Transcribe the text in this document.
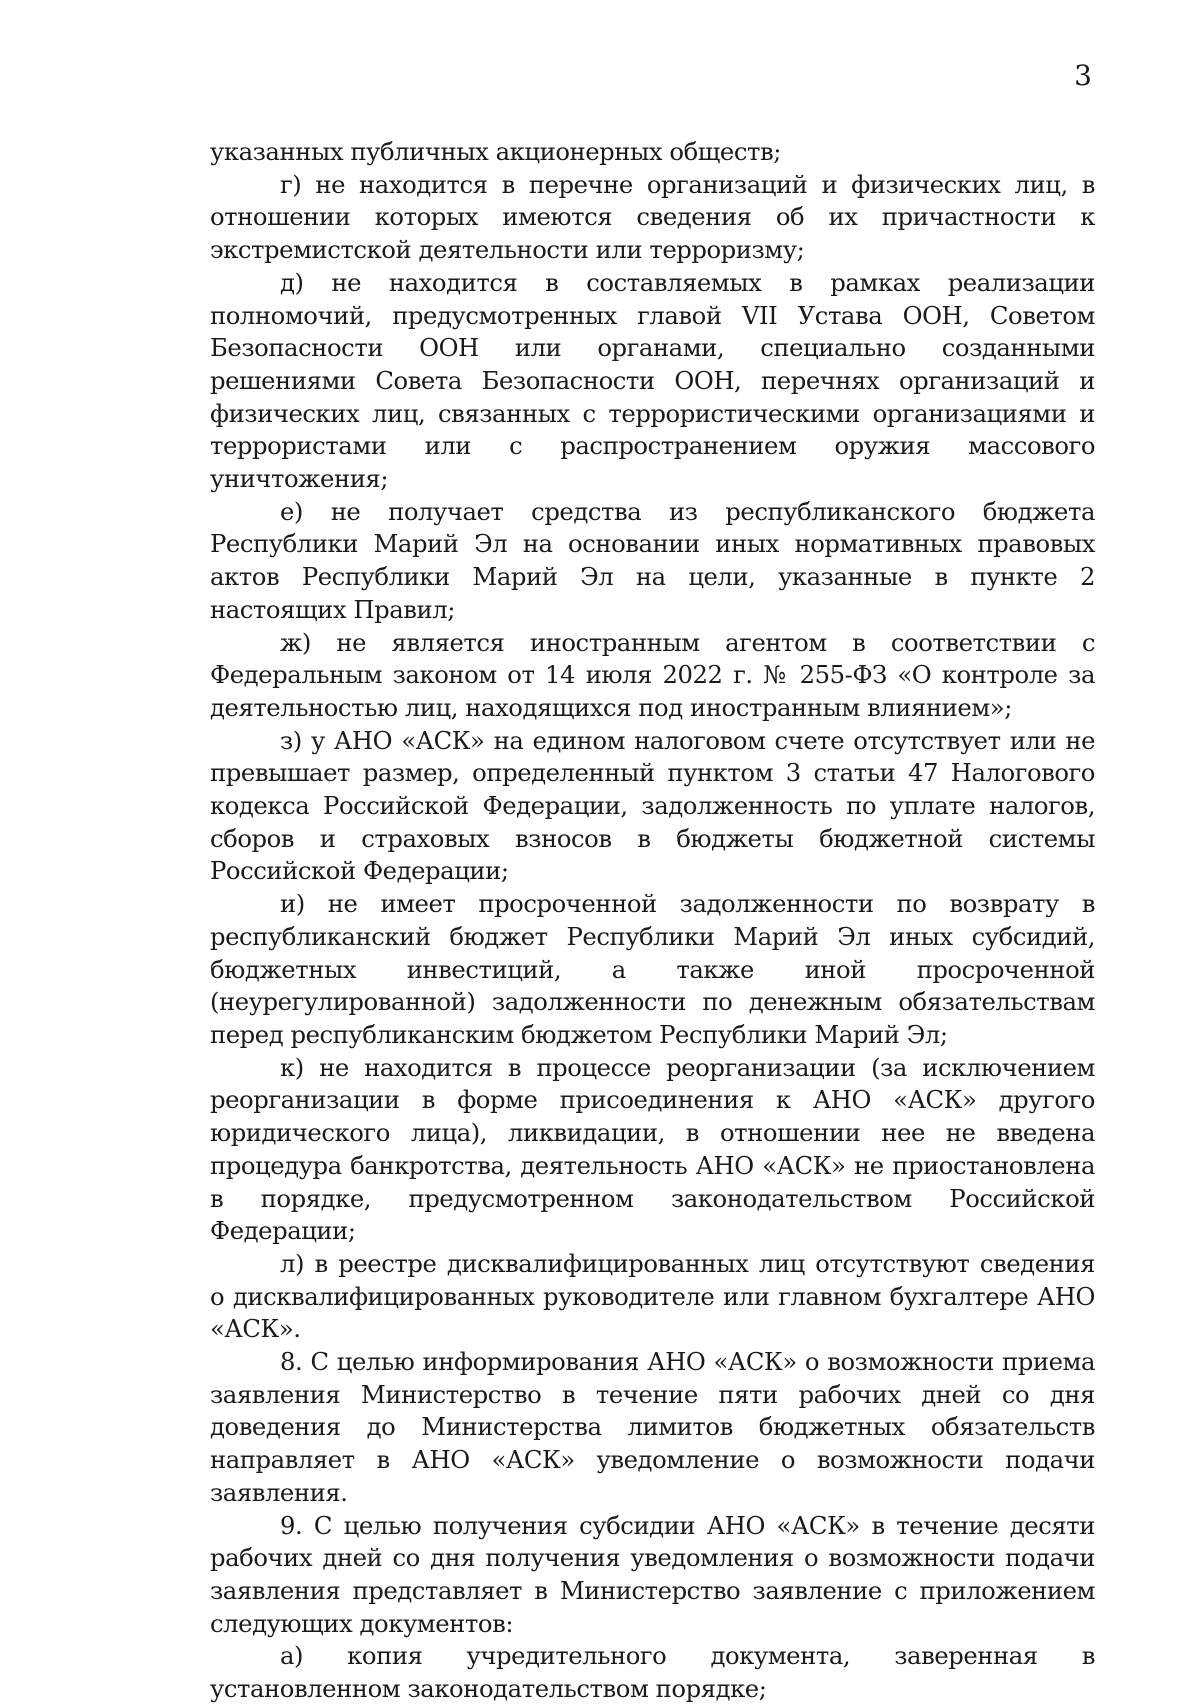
3

указанных публичных акционерных обществ;

г) не находится в перечне организаций и физических лиц, в отношении которых имеются сведения об их причастности к экстремистской деятельности или терроризму;

д) не находится в составляемых в рамках реализации полномочий, предусмотренных главой VII Устава ООН, Советом Безопасности ООН или органами, специально созданными решениями Совета Безопасности ООН, перечнях организаций и физических лиц, связанных с террористическими организациями и террористами или с распространением оружия массового уничтожения;

е) не получает средства из республиканского бюджета Республики Марий Эл на основании иных нормативных правовых актов Республики Марий Эл на цели, указанные в пункте 2 настоящих Правил;

ж) не является иностранным агентом в соответствии с Федеральным законом от 14 июля 2022 г. № 255-ФЗ «О контроле за деятельностью лиц, находящихся под иностранным влиянием»;

з) у АНО «АСК» на едином налоговом счете отсутствует или не превышает размер, определенный пунктом 3 статьи 47 Налогового кодекса Российской Федерации, задолженность по уплате налогов, сборов и страховых взносов в бюджеты бюджетной системы Российской Федерации;

и) не имеет просроченной задолженности по возврату в республиканский бюджет Республики Марий Эл иных субсидий, бюджетных инвестиций, а также иной просроченной (неурегулированной) задолженности по денежным обязательствам перед республиканским бюджетом Республики Марий Эл;

к) не находится в процессе реорганизации (за исключением реорганизации в форме присоединения к АНО «АСК» другого юридического лица), ликвидации, в отношении нее не введена процедура банкротства, деятельность АНО «АСК» не приостановлена в порядке, предусмотренном законодательством Российской Федерации;

л) в реестре дисквалифицированных лиц отсутствуют сведения о дисквалифицированных руководителе или главном бухгалтере АНО «АСК».

8. С целью информирования АНО «АСК» о возможности приема заявления Министерство в течение пяти рабочих дней со дня доведения до Министерства лимитов бюджетных обязательств направляет в АНО «АСК» уведомление о возможности подачи заявления.

9. С целью получения субсидии АНО «АСК» в течение десяти рабочих дней со дня получения уведомления о возможности подачи заявления представляет в Министерство заявление с приложением следующих документов:

а) копия учредительного документа, заверенная в установленном законодательством порядке;
